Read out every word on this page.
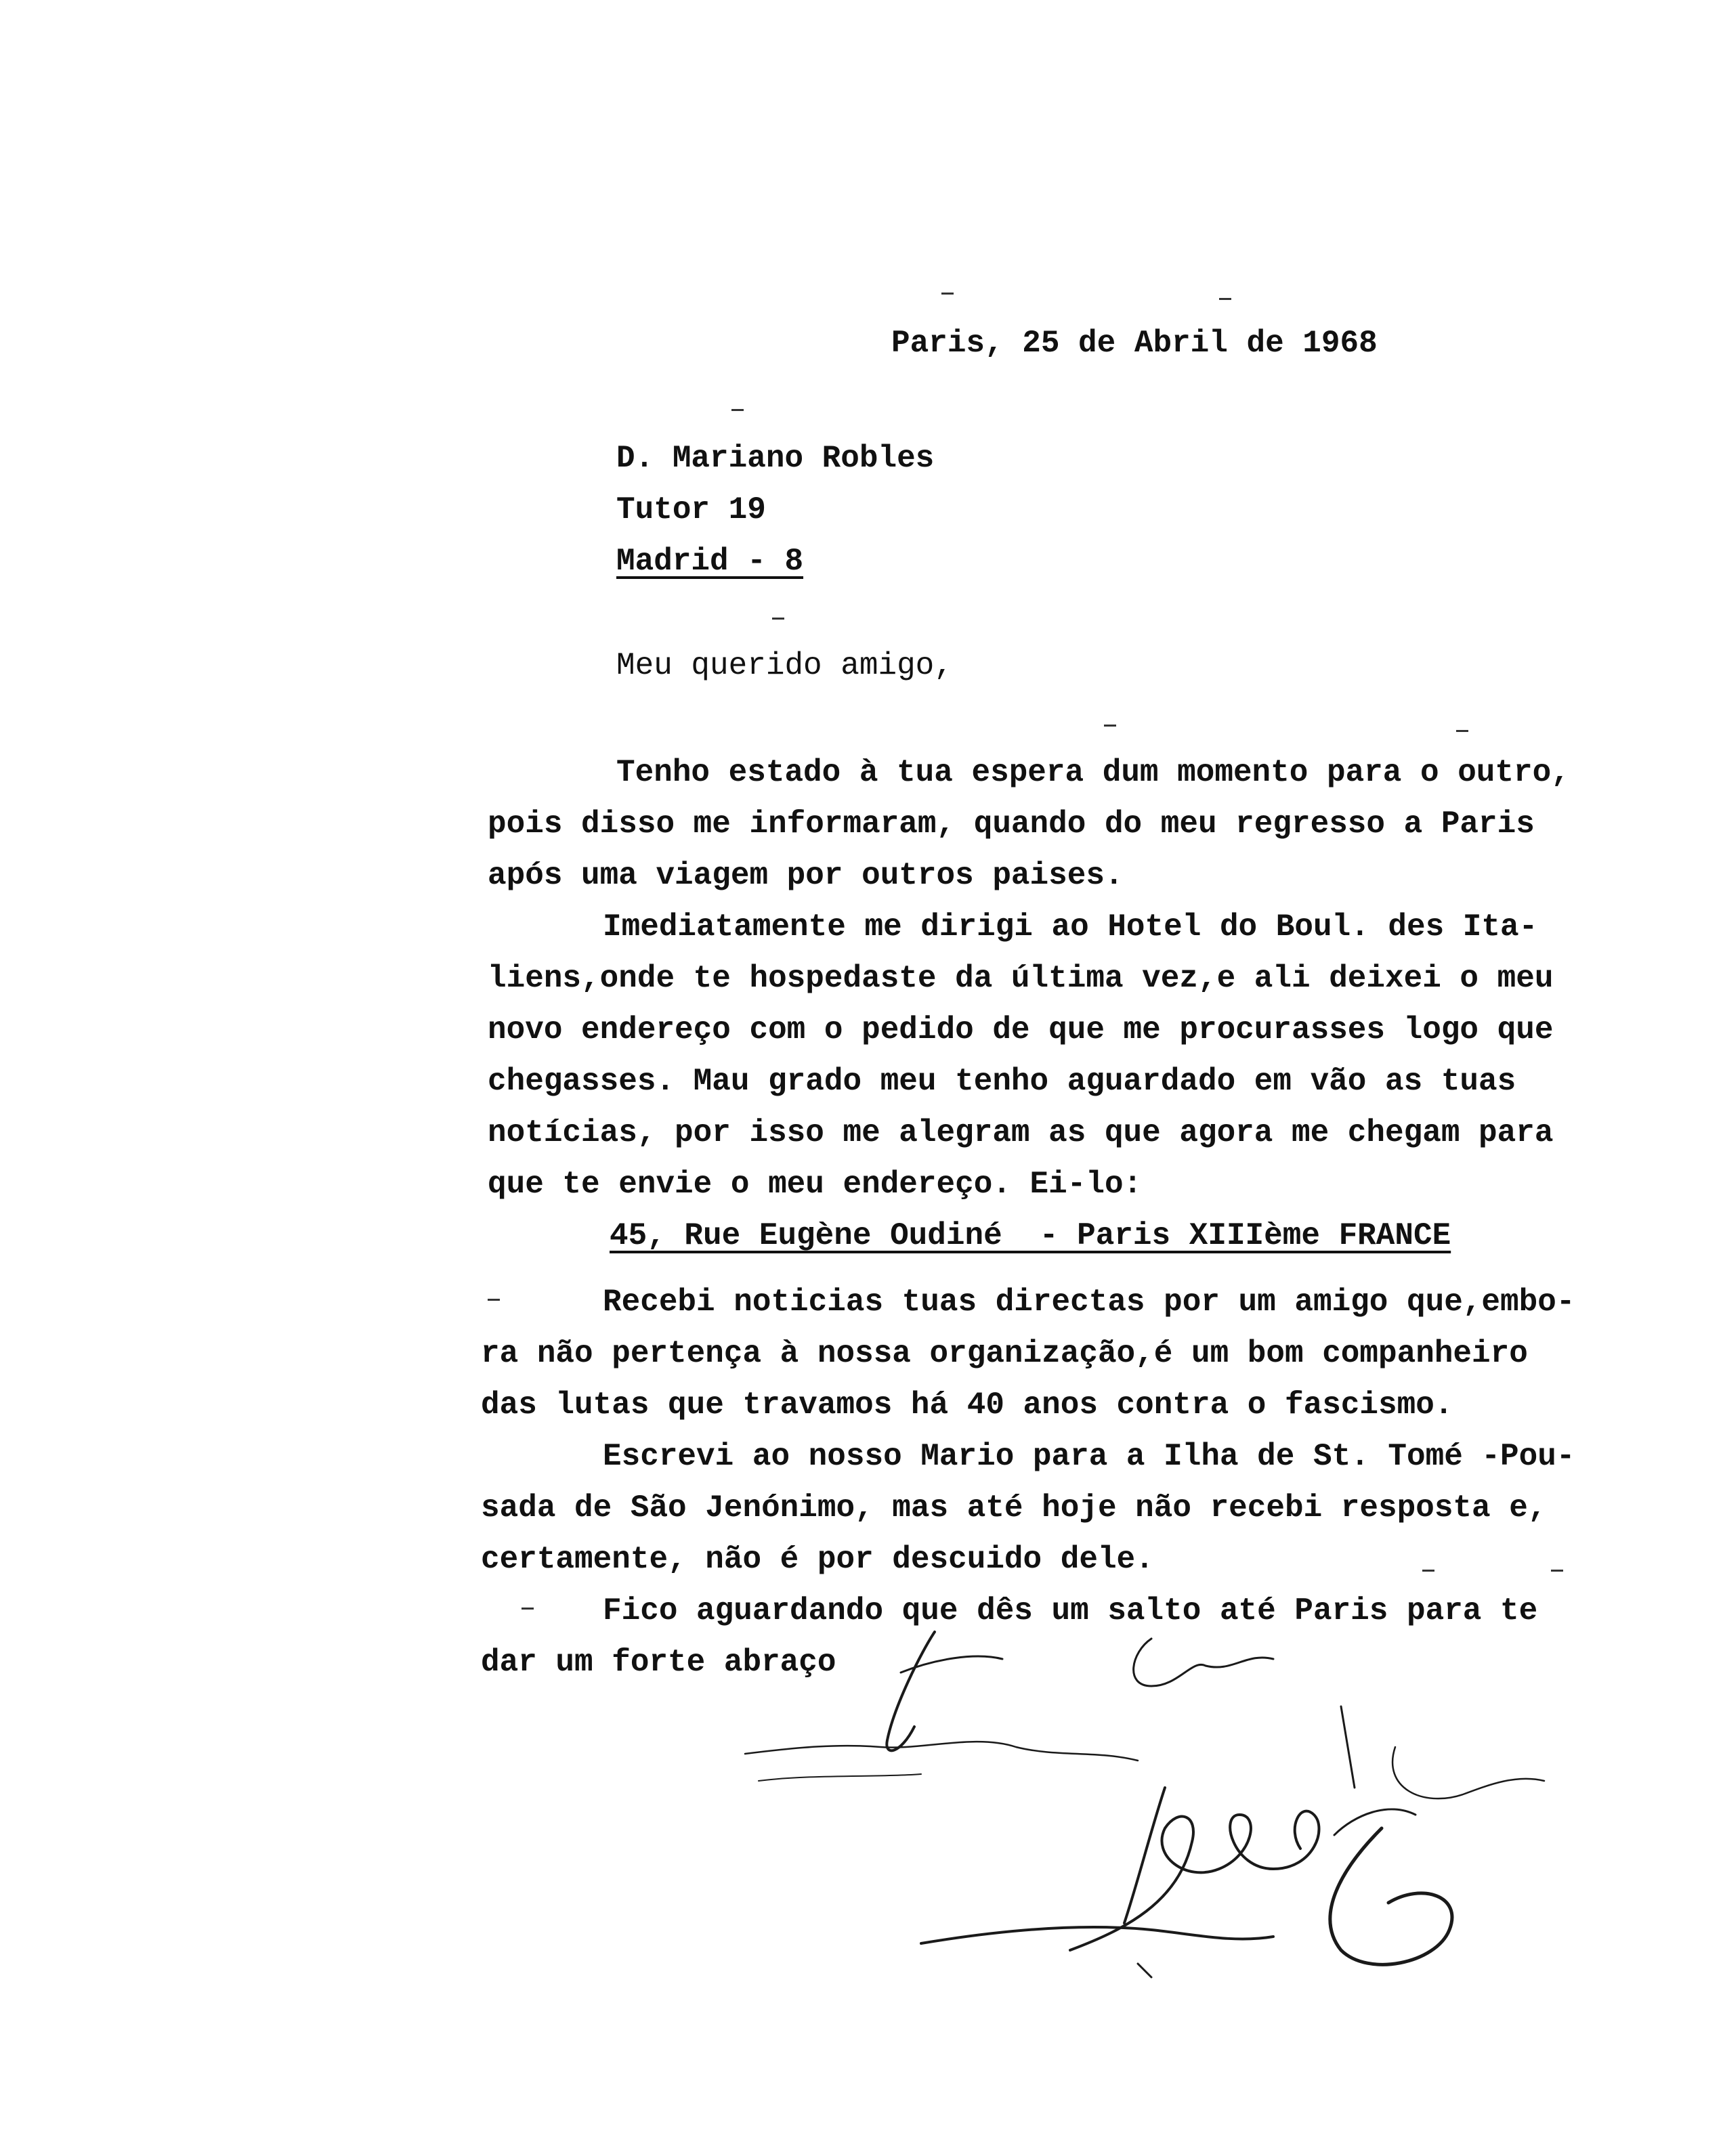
Paris, 25 de Abril de 1968
D. Mariano Robles
Tutor 19
Madrid - 8
Meu querido amigo,
Tenho estado à tua espera dum momento para o outro,
pois disso me informaram, quando do meu regresso a Paris
após uma viagem por outros paises.
Imediatamente me dirigi ao Hotel do Boul. des Ita-
liens,onde te hospedaste da última vez,e ali deixei o meu
novo endereço com o pedido de que me procurasses logo que
chegasses. Mau grado meu tenho aguardado em vão as tuas
notícias, por isso me alegram as que agora me chegam para
que te envie o meu endereço. Ei-lo:
45, Rue Eugène Oudiné  - Paris XIIIème FRANCE
Recebi noticias tuas directas por um amigo que,embo-
ra não pertença à nossa organização,é um bom companheiro
das lutas que travamos há 40 anos contra o fascismo.
Escrevi ao nosso Mario para a Ilha de St. Tomé -Pou-
sada de São Jenónimo, mas até hoje não recebi resposta e,
certamente, não é por descuido dele.
Fico aguardando que dês um salto até Paris para te
dar um forte abraço
